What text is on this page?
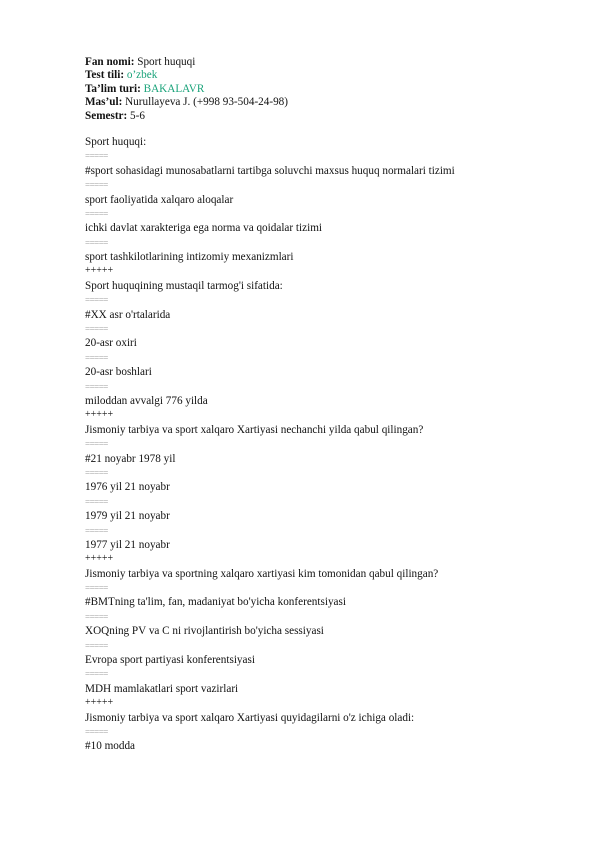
Fan nomi: Sport huquqi
Test tili: o’zbek
Ta’lim turi: BAKALAVR
Mas’ul: Nurullayeva J. (+998 93-504-24-98)
Semestr: 5-6
Sport huquqi:
=====
#sport sohasidagi munosabatlarni tartibga soluvchi maxsus huquq normalari tizimi
=====
sport faoliyatida xalqaro aloqalar
=====
ichki davlat xarakteriga ega norma va qoidalar tizimi
=====
sport tashkilotlarining intizomiy mexanizmlari
+++++
Sport huquqining mustaqil tarmog'i sifatida:
=====
#XX asr o'rtalarida
=====
20-asr oxiri
=====
20-asr boshlari
=====
miloddan avvalgi 776 yilda
+++++
Jismoniy tarbiya va sport xalqaro Xartiyasi nechanchi yilda qabul qilingan?
=====
#21 noyabr 1978 yil
=====
1976 yil 21 noyabr
=====
1979 yil 21 noyabr
=====
1977 yil 21 noyabr
+++++
Jismoniy tarbiya va sportning xalqaro xartiyasi kim tomonidan qabul qilingan?
=====
#BMTning ta'lim, fan, madaniyat bo'yicha konferentsiyasi
=====
XOQning PV va C ni rivojlantirish bo'yicha sessiyasi
=====
Evropa sport partiyasi konferentsiyasi
=====
MDH mamlakatlari sport vazirlari
+++++
Jismoniy tarbiya va sport xalqaro Xartiyasi quyidagilarni o'z ichiga oladi:
=====
#10 modda
